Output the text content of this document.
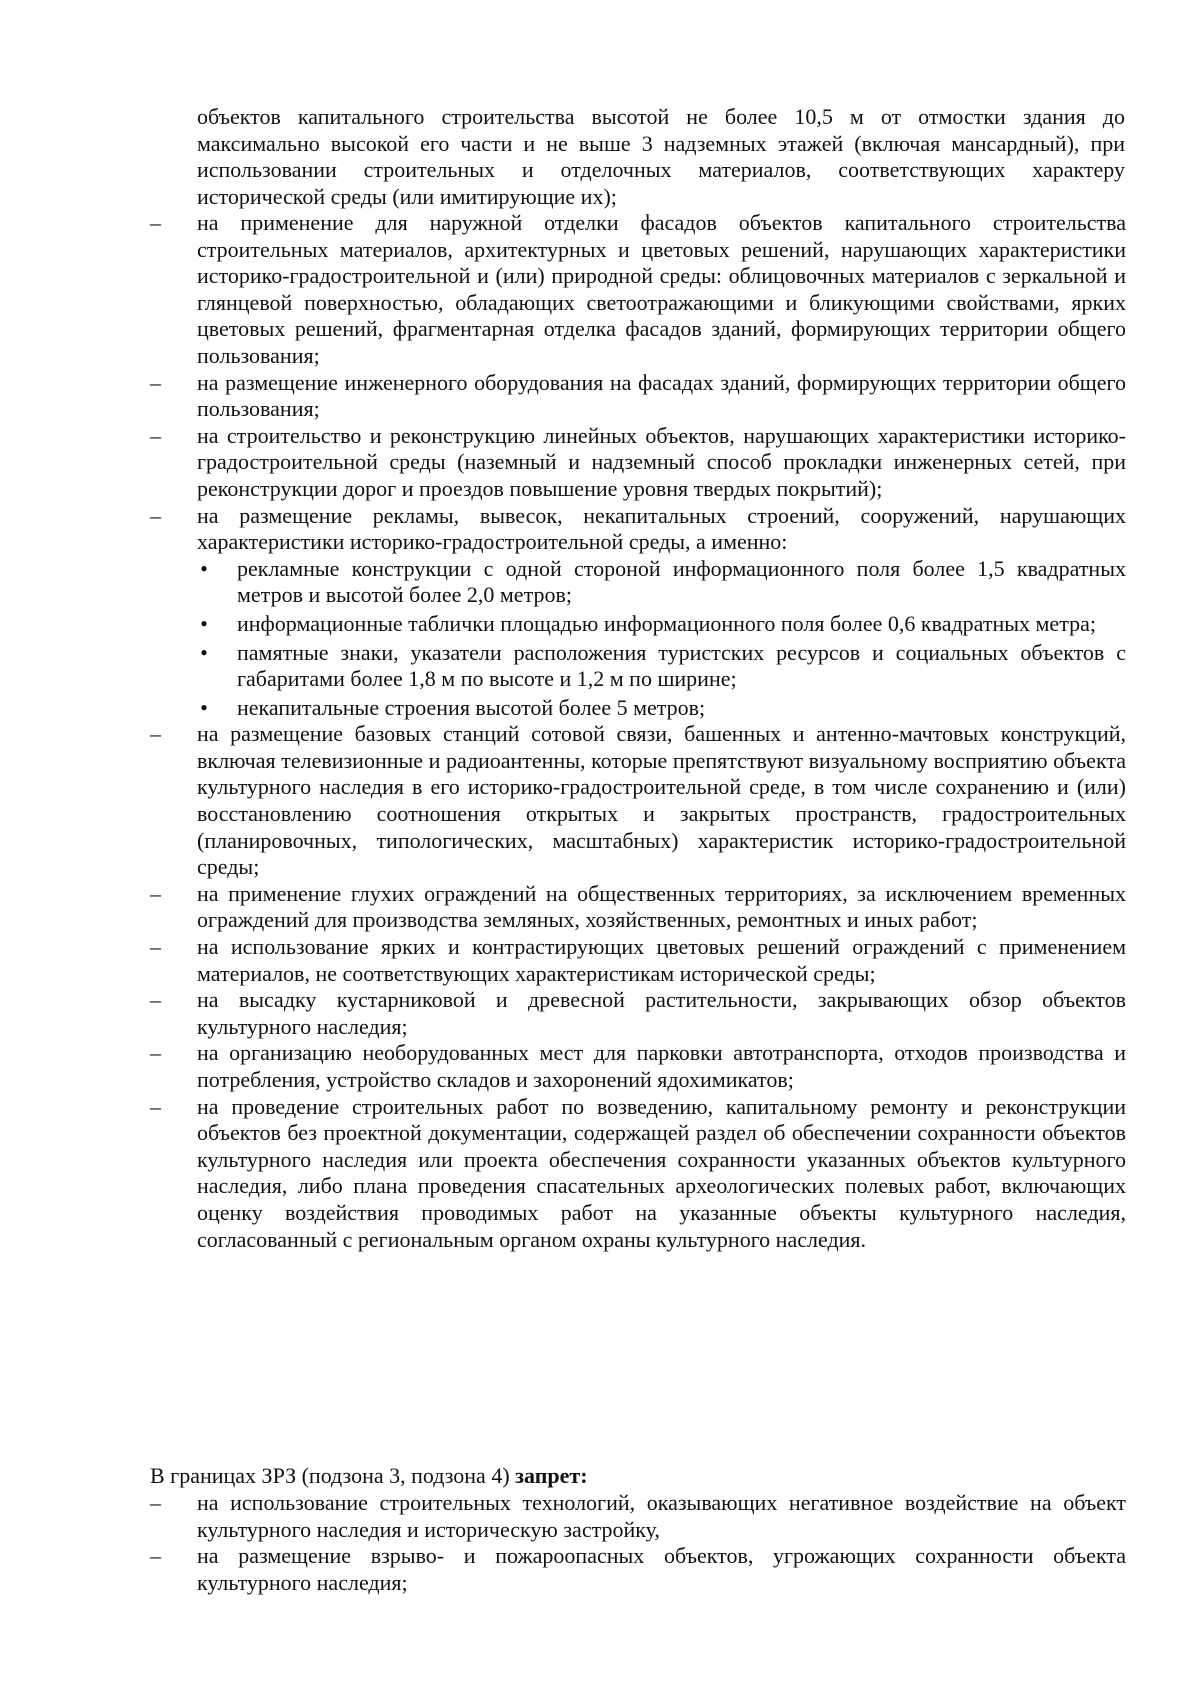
объектов капитального строительства высотой не более 10,5 м от отмостки здания до максимально высокой его части и не выше 3 надземных этажей (включая мансардный), при использовании строительных и отделочных материалов, соответствующих характеру исторической среды (или имитирующие их);

–	на применение для наружной отделки фасадов объектов капитального строительства строительных материалов, архитектурных и цветовых решений, нарушающих характеристики историко-градостроительной и (или) природной среды: облицовочных материалов с зеркальной и глянцевой поверхностью, обладающих светоотражающими и бликующими свойствами, ярких цветовых решений, фрагментарная отделка фасадов зданий, формирующих территории общего пользования;
–	на размещение инженерного оборудования на фасадах зданий, формирующих территории общего пользования;
–	на строительство и реконструкцию линейных объектов, нарушающих характеристики историко-градостроительной среды (наземный и надземный способ прокладки инженерных сетей, при реконструкции дорог и проездов повышение уровня твердых покрытий);
–	на размещение рекламы, вывесок, некапитальных строений, сооружений, нарушающих характеристики историко-градостроительной среды, а именно:
• рекламные конструкции с одной стороной информационного поля более 1,5 квадратных метров и высотой более 2,0 метров;
• информационные таблички площадью информационного поля более 0,6 квадратных метра;
• памятные знаки, указатели расположения туристских ресурсов и социальных объектов с габаритами более 1,8 м по высоте и 1,2 м по ширине;
• некапитальные строения высотой более 5 метров;
–	на размещение базовых станций сотовой связи, башенных и антенно-мачтовых конструкций, включая телевизионные и радиоантенны, которые препятствуют визуальному восприятию объекта культурного наследия в его историко-градостроительной среде, в том числе сохранению и (или) восстановлению соотношения открытых и закрытых пространств, градостроительных (планировочных, типологических, масштабных) характеристик историко-градостроительной среды;
–	на применение глухих ограждений на общественных территориях, за исключением временных ограждений для производства земляных, хозяйственных, ремонтных и иных работ;
–	на использование ярких и контрастирующих цветовых решений ограждений с применением материалов, не соответствующих характеристикам исторической среды;
–	на высадку кустарниковой и древесной растительности, закрывающих обзор объектов культурного наследия;
–	на организацию необорудованных мест для парковки автотранспорта, отходов производства и потребления, устройство складов и захоронений ядохимикатов;
–	на проведение строительных работ по возведению, капитальному ремонту и реконструкции объектов без проектной документации, содержащей раздел об обеспечении сохранности объектов культурного наследия или проекта обеспечения сохранности указанных объектов культурного наследия, либо плана проведения спасательных археологических полевых работ, включающих оценку воздействия проводимых работ на указанные объекты культурного наследия, согласованный с региональным органом охраны культурного наследия.

В границах ЗРЗ (подзона 3, подзона 4) запрет:

–	на использование строительных технологий, оказывающих негативное воздействие на объект культурного наследия и историческую застройку,
–	на размещение взрыво- и пожароопасных объектов, угрожающих сохранности объекта культурного наследия;
